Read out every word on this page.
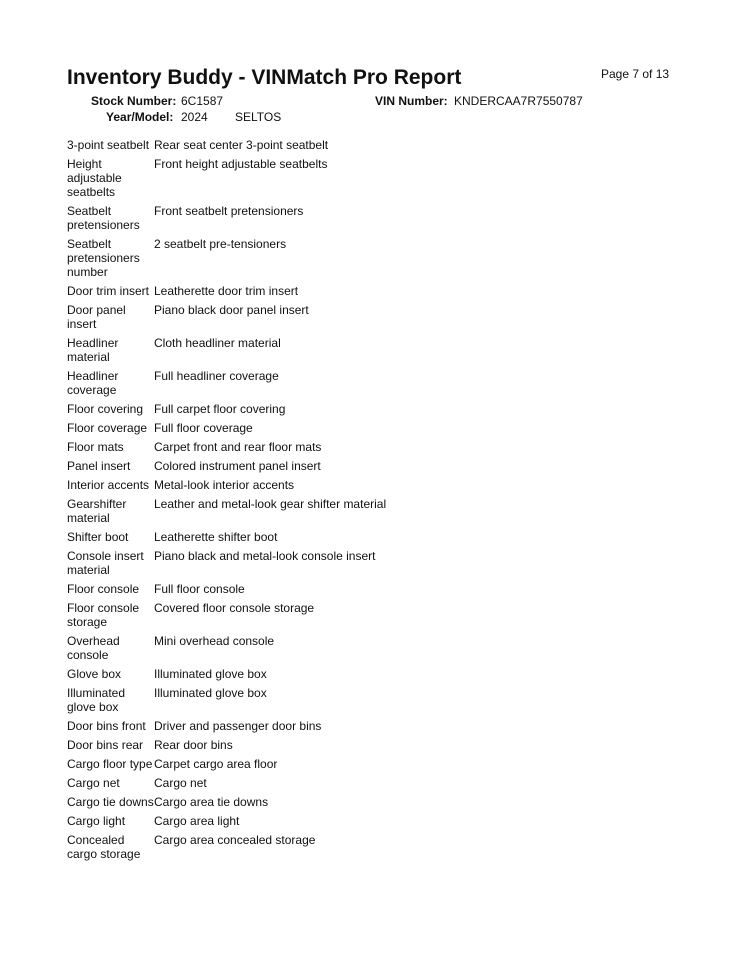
Inventory Buddy - VINMatch Pro Report	Page 7 of 13
Stock Number: 6C1587	VIN Number: KNDERCAA7R7550787
Year/Model: 2024 SELTOS
3-point seatbelt	Rear seat center 3-point seatbelt
Height adjustable seatbelts	Front height adjustable seatbelts
Seatbelt pretensioners	Front seatbelt pretensioners
Seatbelt pretensioners number	2 seatbelt pre-tensioners
Door trim insert	Leatherette door trim insert
Door panel insert	Piano black door panel insert
Headliner material	Cloth headliner material
Headliner coverage	Full headliner coverage
Floor covering	Full carpet floor covering
Floor coverage	Full floor coverage
Floor mats	Carpet front and rear floor mats
Panel insert	Colored instrument panel insert
Interior accents	Metal-look interior accents
Gearshifter material	Leather and metal-look gear shifter material
Shifter boot	Leatherette shifter boot
Console insert material	Piano black and metal-look console insert
Floor console	Full floor console
Floor console storage	Covered floor console storage
Overhead console	Mini overhead console
Glove box	Illuminated glove box
Illuminated glove box	Illuminated glove box
Door bins front	Driver and passenger door bins
Door bins rear	Rear door bins
Cargo floor type	Carpet cargo area floor
Cargo net	Cargo net
Cargo tie downs	Cargo area tie downs
Cargo light	Cargo area light
Concealed cargo storage	Cargo area concealed storage
